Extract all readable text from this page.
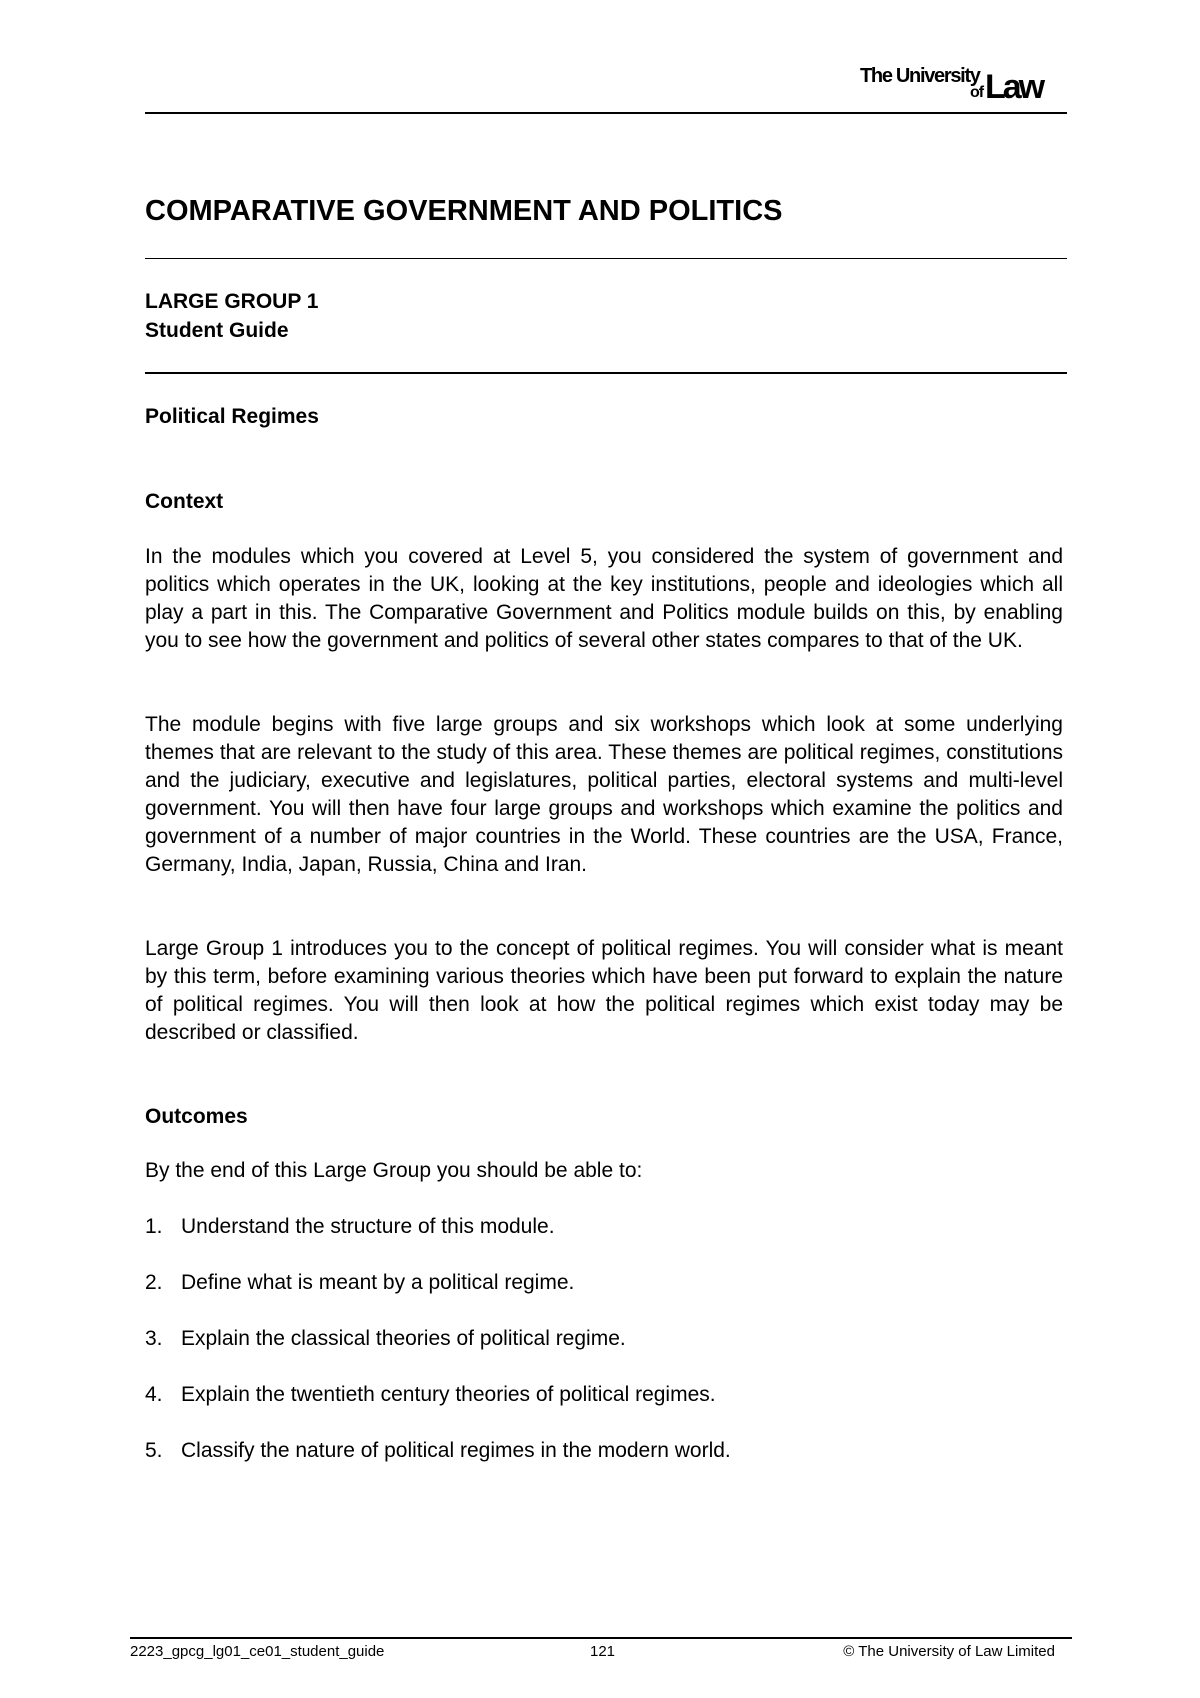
The University
of Law
COMPARATIVE GOVERNMENT AND POLITICS

LARGE GROUP 1

Student Guide

Political Regimes

Context

In the modules which you covered at Level 5, you considered the system of government and politics which operates in the UK, looking at the key institutions, people and ideologies which all play a part in this. The Comparative Government and Politics module builds on this, by enabling you to see how the government and politics of several other states compares to that of the UK.

The module begins with five large groups and six workshops which look at some underlying themes that are relevant to the study of this area. These themes are political regimes, constitutions and the judiciary, executive and legislatures, political parties, electoral systems and multi-level government. You will then have four large groups and workshops which examine the politics and government of a number of major countries in the World. These countries are the USA, France, Germany, India, Japan, Russia, China and Iran.

Large Group 1 introduces you to the concept of political regimes. You will consider what is meant by this term, before examining various theories which have been put forward to explain the nature of political regimes. You will then look at how the political regimes which exist today may be described or classified.

Outcomes

By the end of this Large Group you should be able to:

1. Understand the structure of this module.
2. Define what is meant by a political regime.
3. Explain the classical theories of political regime.
4. Explain the twentieth century theories of political regimes.
5. Classify the nature of political regimes in the modern world.
2223_gpcg_lg01_ce01_student_guide	121	© The University of Law Limited
